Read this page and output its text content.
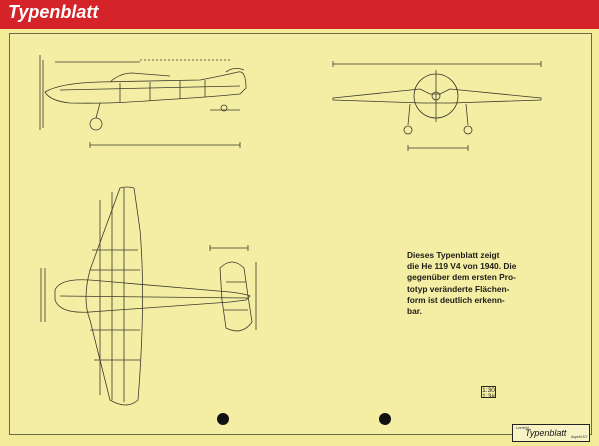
Typenblatt
Dieses Typenblatt zeigt
die He 119 V4 von 1940. Die
gegenüber dem ersten Pro-
totyp veränderte Flächen-
form ist deutlich erkenn-
bar.
1:30
1:3#
Leerfeld
Typenblatt Aspekt 5/7
